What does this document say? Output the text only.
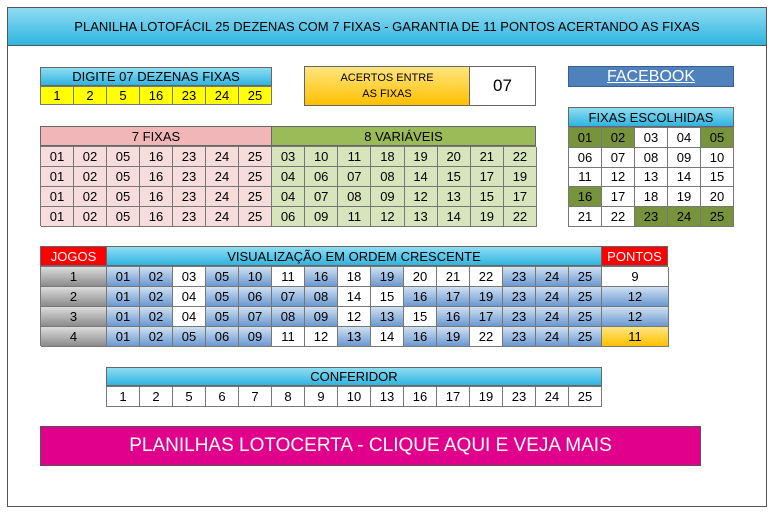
PLANILHA LOTOFÁCIL 25 DEZENAS COM 7 FIXAS - GARANTIA DE 11 PONTOS ACERTANDO AS FIXAS
DIGITE 07 DEZENAS FIXAS
1	2	5	16	23	24	25
ACERTOS ENTRE
AS FIXAS	07	FACEBOOK
7 FIXAS	8 VARIÁVEIS
01	02	05	16	23	24	25	03	10	11	18	19	20	21	22
01	02	05	16	23	24	25	04	06	07	08	14	15	17	19
01	02	05	16	23	24	25	04	07	08	09	12	13	15	17
01	02	05	16	23	24	25	06	09	11	12	13	14	19	22
FIXAS ESCOLHIDAS
01	02	03	04	05
06	07	08	09	10
11	12	13	14	15
16	17	18	19	20
21	22	23	24	25
JOGOS	VISUALIZAÇÃO EM ORDEM CRESCENTE	PONTOS
1	01	02	03	05	10	11	16	18	19	20	21	22	23	24	25	9
2	01	02	04	05	06	07	08	14	15	16	17	19	23	24	25	12
3	01	02	04	05	07	08	09	12	13	15	16	17	23	24	25	12
4	01	02	05	06	09	11	12	13	14	16	19	22	23	24	25	11
CONFERIDOR
1	2	5	6	7	8	9	10	13	16	17	19	23	24	25
PLANILHAS LOTOCERTA - CLIQUE AQUI E VEJA MAIS
